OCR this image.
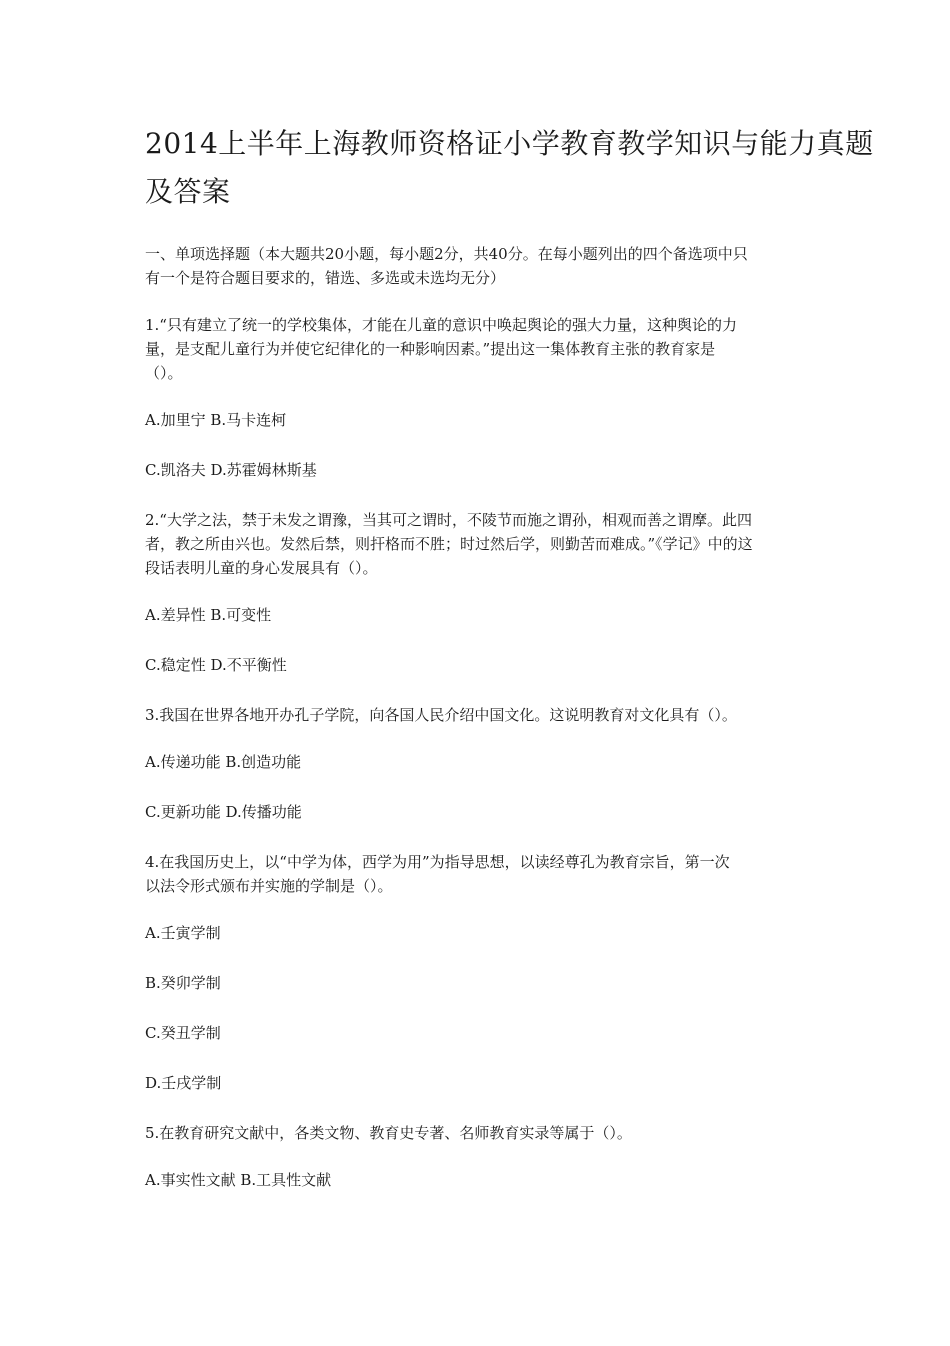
2014上半年上海教师资格证小学教育教学知识与能力真题
及答案

一、单项选择题（本大题共20小题，每小题2分，共40分。在每小题列出的四个备选项中只
有一个是符合题目要求的，错选、多选或未选均无分）

1.“只有建立了统一的学校集体，才能在儿童的意识中唤起舆论的强大力量，这种舆论的力
量，是支配儿童行为并使它纪律化的一种影响因素。”提出这一集体教育主张的教育家是
（）。

A.加里宁 B.马卡连柯

C.凯洛夫 D.苏霍姆林斯基

2.“大学之法，禁于未发之谓豫，当其可之谓时，不陵节而施之谓孙，相观而善之谓摩。此四
者，教之所由兴也。发然后禁，则扞格而不胜；时过然后学，则勤苦而难成。”《学记》中的这
段话表明儿童的身心发展具有（）。

A.差异性 B.可变性

C.稳定性 D.不平衡性

3.我国在世界各地开办孔子学院，向各国人民介绍中国文化。这说明教育对文化具有（）。

A.传递功能 B.创造功能

C.更新功能 D.传播功能

4.在我国历史上，以“中学为体，西学为用”为指导思想，以读经尊孔为教育宗旨，第一次
以法令形式颁布并实施的学制是（）。

A.壬寅学制

B.癸卯学制

C.癸丑学制

D.壬戌学制

5.在教育研究文献中，各类文物、教育史专著、名师教育实录等属于（）。

A.事实性文献 B.工具性文献
